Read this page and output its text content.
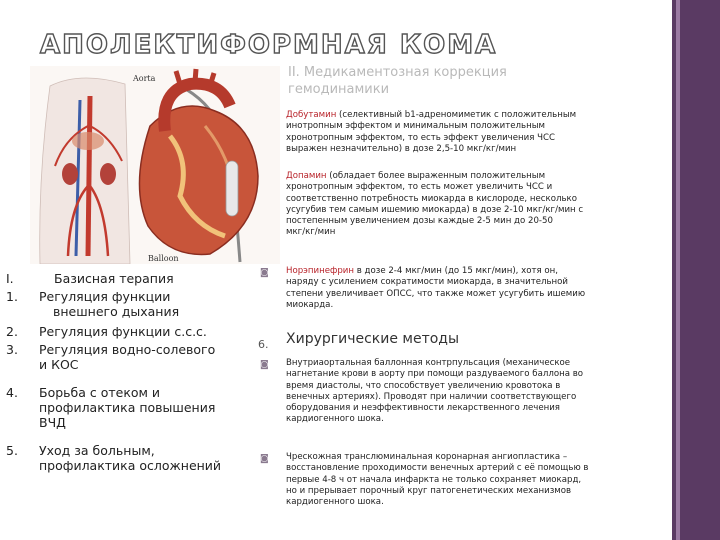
АПОЛЕКТИФОРМНАЯ КОМА
II. Медикаментозная коррекция
гемодинамики
Aorta
Balloon
Добутамин (селективный b1-адреномиметик с положительным
инотропным эффектом и минимальным положительным
хронотропным эффектом, то есть эффект увеличения ЧСС
выражен незначительно) в дозе 2,5-10 мкг/кг/мин
Допамин (обладает более выраженным положительным
хронотропным эффектом, то есть может увеличить ЧСС и
соответственно потребность миокарда в кислороде, несколько
усугубив тем самым ишемию миокарда) в дозе 2-10 мкг/кг/мин с
постепенным увеличением дозы каждые 2-5 мин до 20-50
мкг/кг/мин
◙ Норэпинефрин в дозе 2-4 мкг/мин (до 15 мкг/мин), хотя он,
наряду с усилением сократимости миокарда, в значительной
степени увеличивает ОПСС, что также может усугубить ишемию
миокарда.
6. Хирургические методы
◙ Внутриаортальная баллонная контрпульсация (механическое
нагнетание крови в аорту при помощи раздуваемого баллона во
время диастолы, что способствует увеличению кровотока в
венечных артериях). Проводят при наличии соответствующего
оборудования и неэффективности лекарственного лечения
кардиогенного шока.
◙ Чрескожная транслюминальная коронарная ангиопластика –
восстановление проходимости венечных артерий с её помощью в
первые 4-8 ч от начала инфаркта не только сохраняет миокард,
но и прерывает порочный круг патогенетических механизмов
кардиогенного шока.
I.	Базисная терапия
1. Регуляция функции
внешнего дыхания
2. Регуляция функции с.с.с.
3. Регуляция водно-солевого
и КОС
4. Борьба с отеком и
профилактика повышения
ВЧД
5. Уход за больным,
профилактика осложнений
